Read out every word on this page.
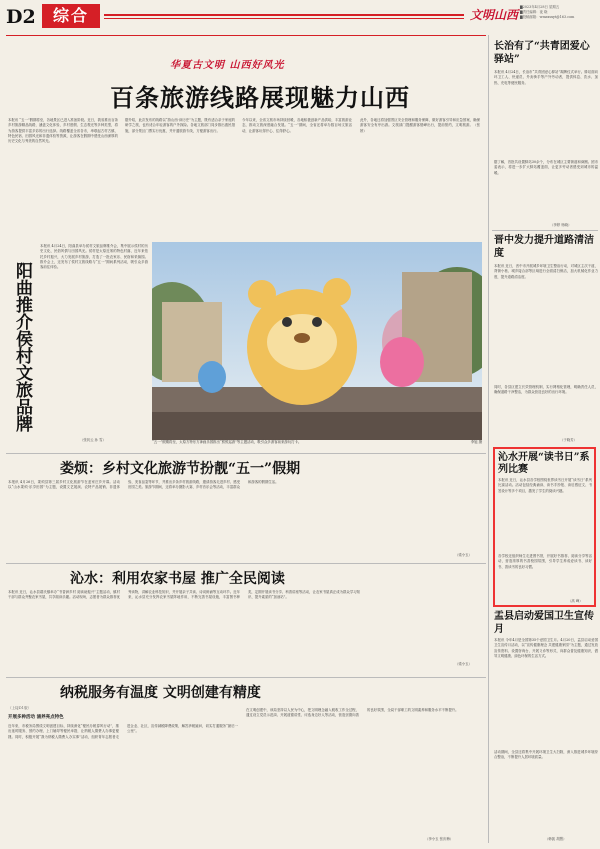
D2	综合	文明山西
▇2023年4月28日 星期五
▇责任编辑：夜 晓
▇投稿邮箱：wmsxsxyt@163.com
华夏古文明 山西好风光
百条旅游线路展现魅力山西
本报讯 “五一”假期将至，各地景区已进入准备阶段。近日，我省推出百条乡村旅游精品线路，涵盖文化体验、乡村度假、生态观光等多种类型，将为游客提供丰富多彩的出行选择。线路覆盖全省各市，串联起古村古镇、特色民宿、田园风光和非遗体验等资源，让游客在假期中感受山西深厚的历史文化与秀美的自然风光。
据介绍，此次发布的线路以“游山西·读历史”为主题，既有适合亲子家庭的研学之旅，也有适合年轻游客的户外探险。各地文旅部门同步推出惠民措施，部分景区门票实行优惠，并开通旅游专线，方便游客出行。
今年以来，全省文旅市场持续回暖，各地积极创新产品供给，丰富旅游业态，推动文旅深度融合发展。“五一”期间，全省还将举办数百场文旅活动，让游客玩得开心、住得舒心。
此外，各地还将加强景区安全管理和服务保障，做好游客引导和应急预案，确保游客安全有序出游。文旅部门提醒游客错峰出行，提前预约，文明旅游。（张 婷）
阳曲推介侯村文旅品牌
本报讯 4月24日，阳曲县举办侯村文旅品牌推介会，集中展示侯村的历史文化、民俗风情与田园风光。侯村是太原近郊的特色村落，近年来依托乡村振兴，大力发展乡村旅游，打造了一批农家乐、民宿和采摘园。推介会上，还发布了侯村文旅线路与“五一”期间系列活动，吸引众多游客前往体验。
（张钊云 孙 雪）	“五一”假期将至，太原方特东方神画乐园推出“熊熊巡游”等主题活动，吸引众多游客前来游玩打卡。	李旭 摄
娄烦：乡村文化旅游节扮靓“五一”假期
本报讯 4月26日，娄烦县第三届乡村文化旅游节在盖家庄乡开幕。活动以“山水娄烦·乐享田园”为主题，设置文艺展演、农特产品展销、非遗体验、美食品鉴等环节，并推出多条乡村旅游线路，邀请游客走进乡村、感受田园之美。旅游节期间，还将举办摄影大赛、乡村音乐会等活动，丰富群众和游客的假期生活。
（梁小玉）
沁水：利用农家书屋 推广全民阅读
本报讯 近日，沁水县端氏镇举办“书香润乡村 阅读助振兴”主题活动，镇村干部与群众齐聚农家书屋，共享阅读乐趣。活动现场，志愿者为群众推荐优秀读物，讲解农业科技知识，并开展亲子共读、诗词朗诵等互动环节。近年来，沁水县充分发挥农家书屋阵地作用，不断完善书屋设施，丰富图书种类，定期开展读书分享、科普讲座等活动，让农家书屋真正成为群众学习知识、提升素质的“加油站”。
（梁小玉）
纳税服务有温度 文明创建有精度
（上接D1版）
开展多种活动 涵养亮点特色
近年来，市税务局围绕文明创建目标，持续深化“便民办税春风行动”，推出延时服务、预约办理、上门辅导等便民举措，让纳税人缴费人办事更便捷。同时，积极开展“我为纳税人缴费人办实事”活动，组织青年志愿者走进企业、社区，宣传减税降费政策，解答涉税疑问，切实打通服务“最后一公里”。
在文明创建中，该局坚持以人民为中心，把文明理念融入税收工作全过程，通过设立党员示范岗、开展道德讲堂、评选身边好人等活动，营造崇德向善的良好氛围，全局干部职工的文明素养和服务水平不断提升。
（李小玉 张庆梅）
长治有了“共青团爱心驿站”
本报讯 4月24日，长治市“共青团爱心驿站”揭牌仪式举行。驿站面向环卫工人、快递员、外卖骑手等户外劳动者，提供休息、饮水、加热、充电等便民服务。
据了解，首批共设置驿站30余个，分布在城区主要街道和商圈。团市委表示，将进一步扩大驿站覆盖面，让更多劳动者感受到城市的温暖。
（李婷 杨晓）
晋中发力提升道路清洁度
本报讯 近日，晋中市开展城乡环境卫生整治行动，对城区主次干道、背街小巷、城乡接合部等区域进行全面清扫保洁，加大机械化作业力度，提升道路清洁度。
同时，各县区建立长效管理机制，实行网格化管理，明确责任人员，确保道路干净整洁，为群众营造良好的出行环境。
（于晓芳）
沁水开展“读书日”系列比赛
本报讯 近日，沁水县各学校围绕世界读书日开展“读书日”系列比赛活动。活动包括经典诵读、读书手抄报、读后感征文、书签设计等多个项目，激发了学生的阅读兴趣。
各学校还组织师生走进图书馆，开展好书推荐、阅读分享等活动，营造浓厚的书香校园氛围，引导学生养成爱读书、读好书、善读书的良好习惯。
（高 峰）
盂县启动爱国卫生宣传月
本报讯 今年4月是全国第35个爱国卫生月。4月20日，盂县启动爱国卫生宣传月活动，以“宣传健康理念 共建健康家园”为主题，通过发放宣传资料、设置咨询台、开展义诊等形式，向群众普及健康知识，倡导文明健康、绿色环保的生活方式。
活动期间，全县还将集中开展环境卫生大扫除，深入推进城乡环境综合整治，不断提升人居环境质量。
（韩凯 胡慧）
